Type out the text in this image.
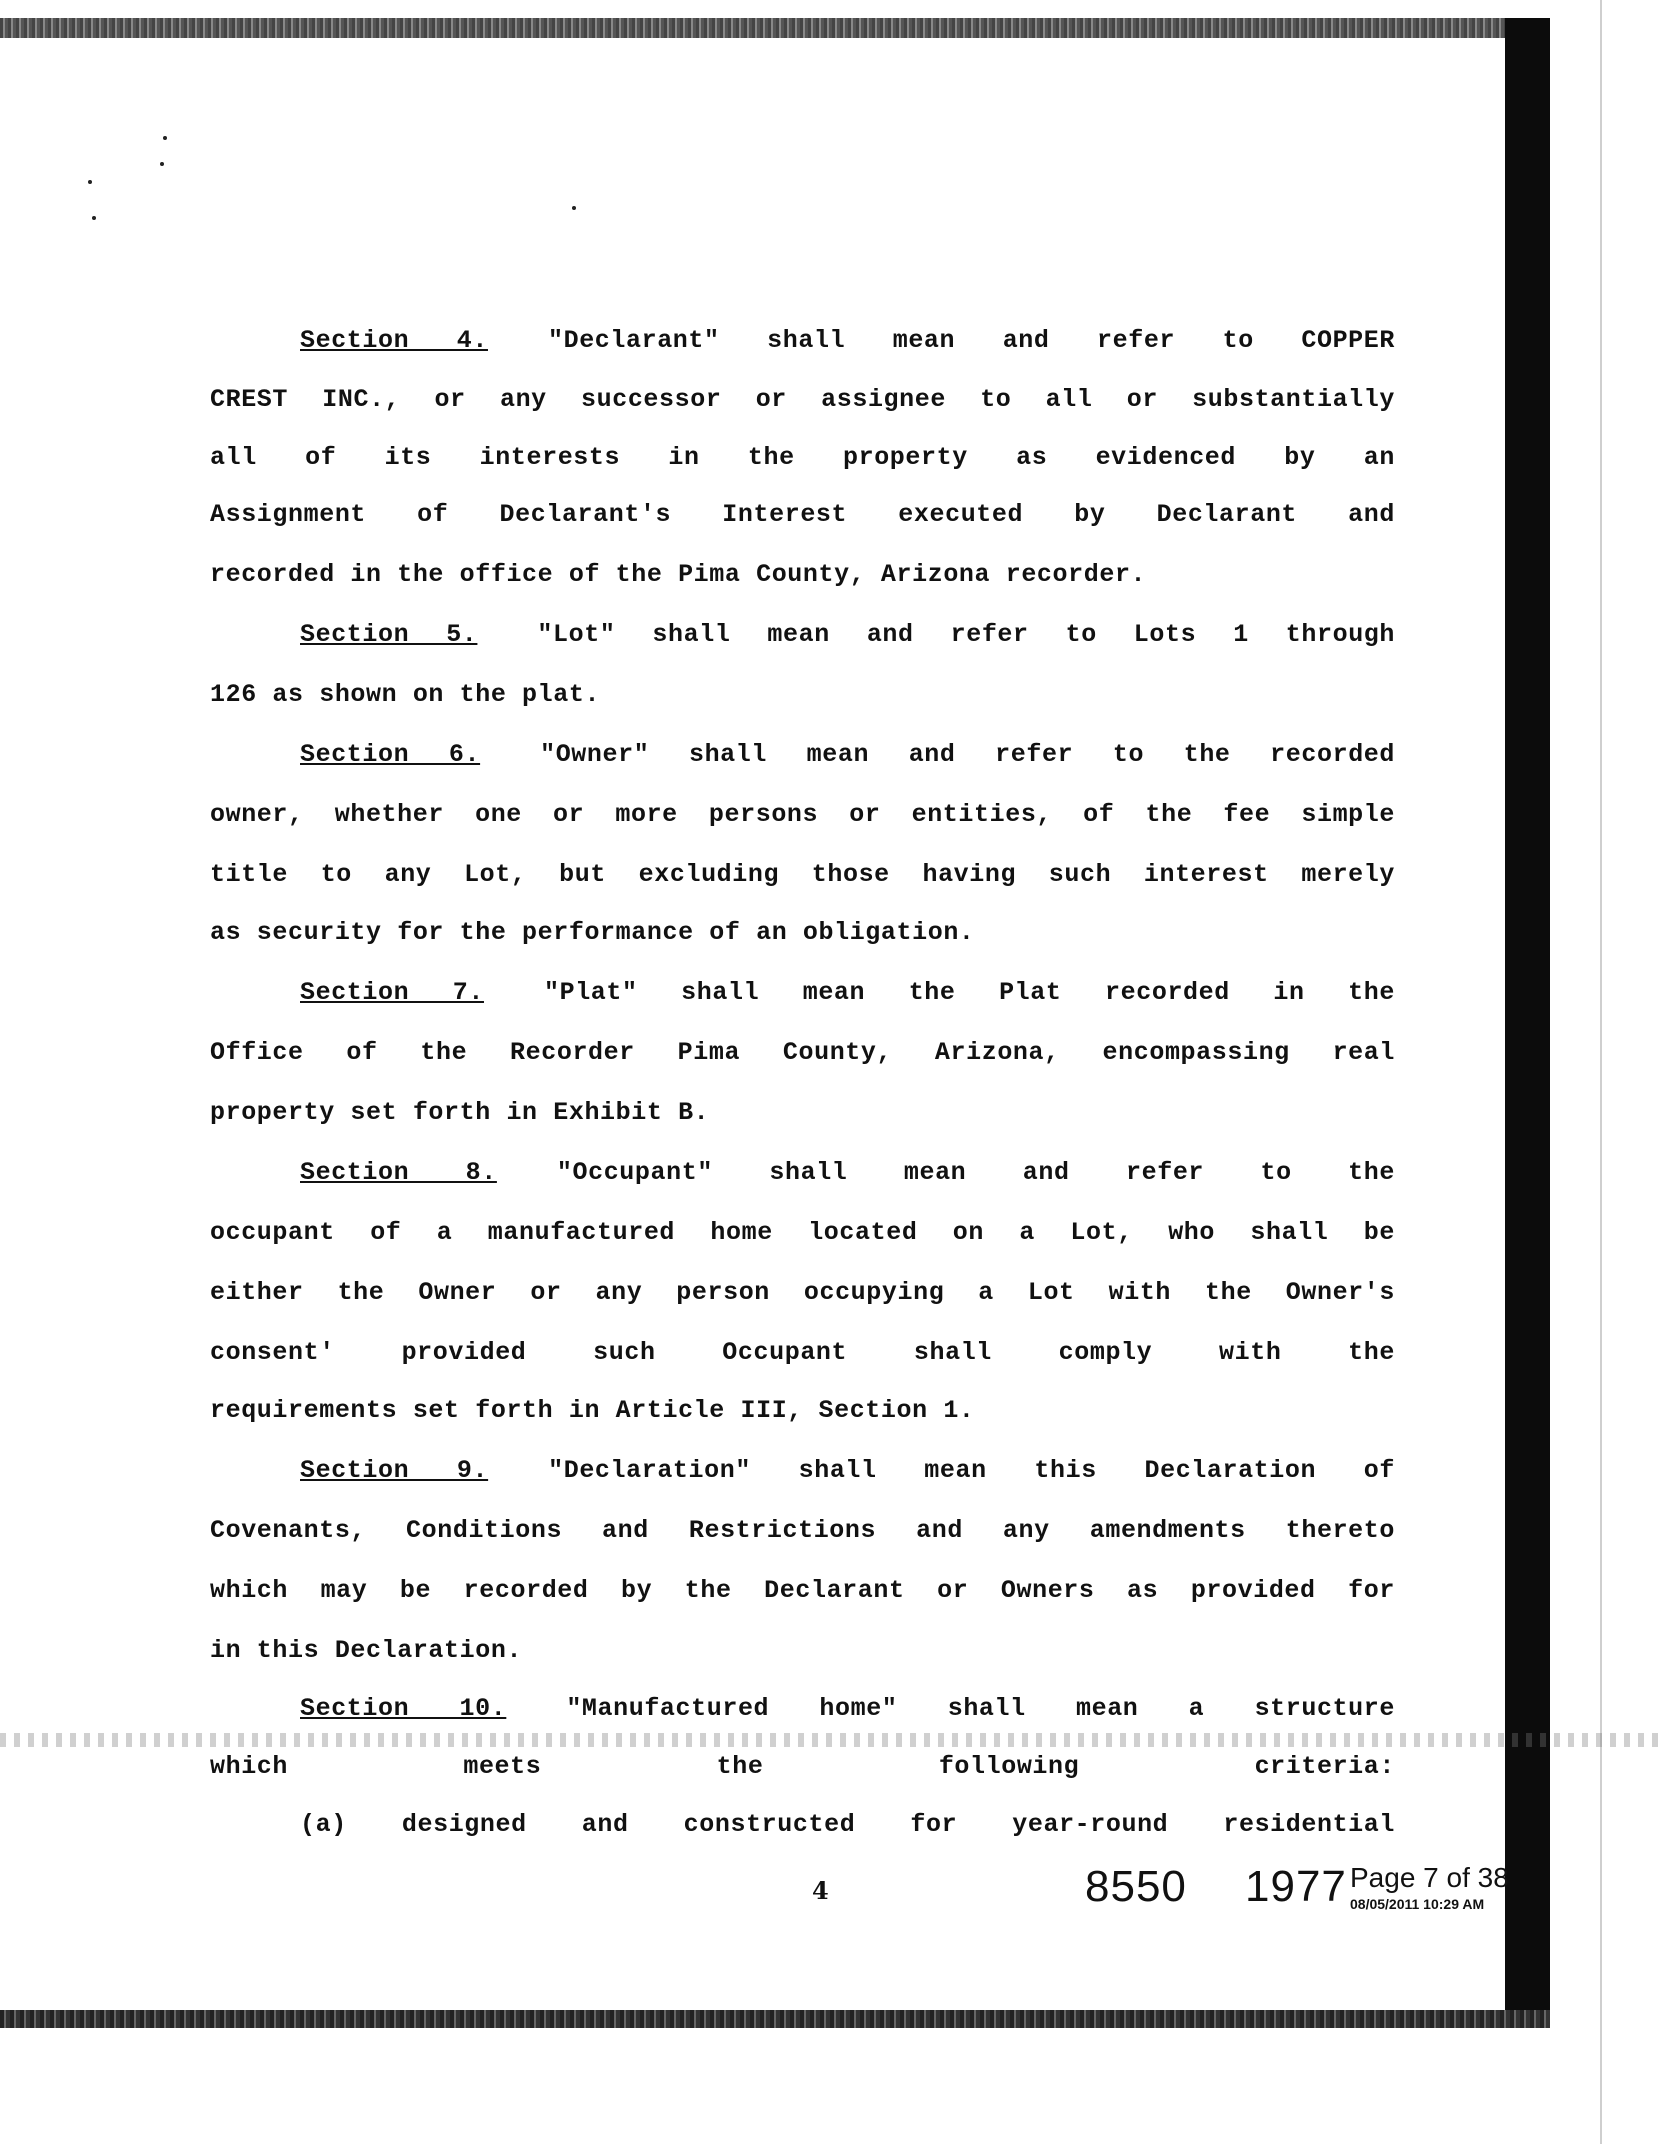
Section 4. "Declarant" shall mean and refer to COPPER
CREST INC., or any successor or assignee to all or substantially
all of its interests in the property as evidenced by an
Assignment of Declarant's Interest executed by Declarant and
recorded in the office of the Pima County, Arizona recorder.
Section 5. "Lot" shall mean and refer to Lots 1 through
126 as shown on the plat.
Section 6. "Owner" shall mean and refer to the recorded
owner, whether one or more persons or entities, of the fee simple
title to any Lot, but excluding those having such interest merely
as security for the performance of an obligation.
Section 7. "Plat" shall mean the Plat recorded in the
Office of the Recorder Pima County, Arizona, encompassing real
property set forth in Exhibit B.
Section 8. "Occupant" shall mean and refer to the
occupant of a manufactured home located on a Lot, who shall be
either the Owner or any person occupying a Lot with the Owner's
consent' provided such Occupant shall comply with the
requirements set forth in Article III, Section 1.
Section 9. "Declaration" shall mean this Declaration of
Covenants, Conditions and Restrictions and any amendments thereto
which may be recorded by the Declarant or Owners as provided for
in this Declaration.
Section 10. "Manufactured home" shall mean a structure
which meets the following criteria:
(a) designed and constructed for year-round residential
4	8550 1977 Page 7 of 38
08/05/2011 10:29 AM
